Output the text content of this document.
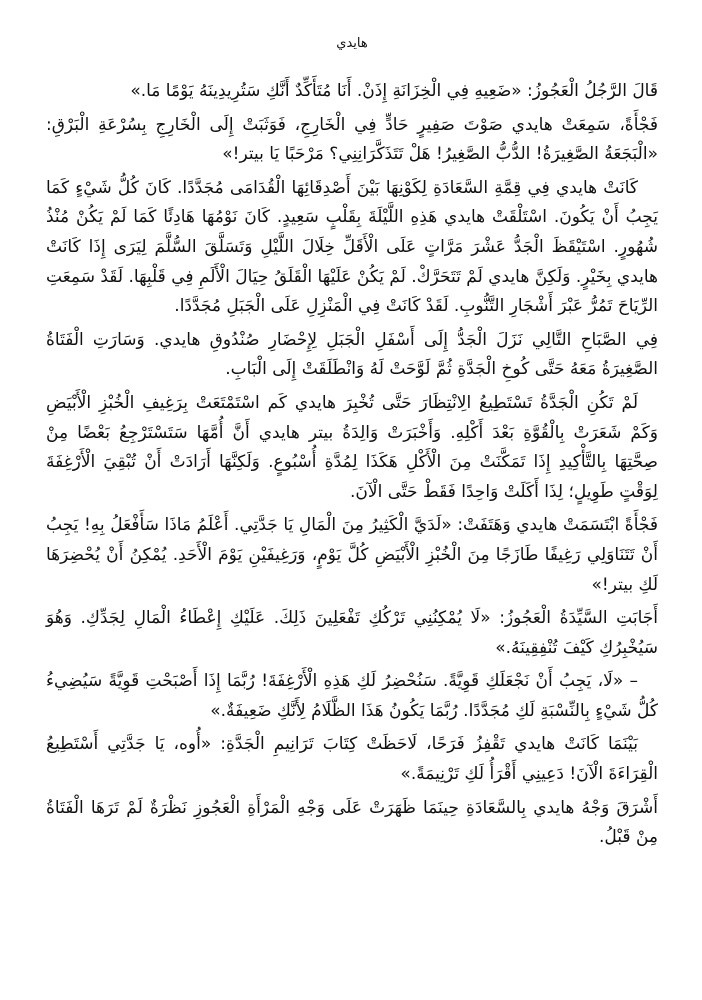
هايدي

قَالَ الرَّجُلُ الْعَجُوزُ: «ضَعِيهِ فِي الْخِزَانَةِ إِذَنْ. أَنَا مُتَأَكِّدٌ أَنَّكِ سَتُرِيدِينَهُ يَوْمًا مَا.»

فَجْأَةً، سَمِعَتْ هايدي صَوْتَ صَفِيرٍ حَادٍّ فِي الْخَارِجِ، فَوَثَبَتْ إِلَى الْخَارِجِ بِسُرْعَةِ الْبَرْقِ: «الْبَجَعَةُ الصَّغِيرَةُ! الدُّبُّ الصَّغِيرُ! هَلْ تَتَذَكَّرَانِنِي؟ مَرْحَبًا يَا بيتر!»

كَانَتْ هايدي فِي قِمَّةِ السَّعَادَةِ لِكَوْنِهَا بَيْنَ أَصْدِقَائِهَا الْقُدَامَى مُجَدَّدًا. كَانَ كُلُّ شَيْءٍ كَمَا يَجِبُ أَنْ يَكُونَ. اسْتَلْقَتْ هايدي هَذِهِ اللَّيْلَةَ بِقَلْبٍ سَعِيدٍ. كَانَ نَوْمُهَا هَادِئًا كَمَا لَمْ يَكُنْ مُنْذُ شُهُورٍ. اسْتَيْقَظَ الْجَدُّ عَشْرَ مَرَّاتٍ عَلَى الْأَقَلِّ خِلَالَ اللَّيْلِ وَتَسَلَّقَ السُّلَّمَ لِيَرَى إِذَا كَانَتْ هايدي بِخَيْرٍ. وَلَكِنَّ هايدي لَمْ تَتَحَرَّكْ. لَمْ يَكُنْ عَلَيْهَا الْقَلَقُ حِيَالَ الْأَلَمِ فِي قَلْبِهَا. لَقَدْ سَمِعَتِ الرِّيَاحَ تَمُرُّ عَبْرَ أَشْجَارِ التَّنُّوبِ. لَقَدْ كَانَتْ فِي الْمَنْزِلِ عَلَى الْجَبَلِ مُجَدَّدًا.

فِي الصَّبَاحِ التَّالِي نَزَلَ الْجَدُّ إِلَى أَسْفَلِ الْجَبَلِ لِإِحْضَارِ صُنْدُوقِ هايدي. وَسَارَتِ الْفَتَاةُ الصَّغِيرَةُ مَعَهُ حَتَّى كُوخِ الْجَدَّةِ ثُمَّ لَوَّحَتْ لَهُ وَانْطَلَقَتْ إِلَى الْبَابِ.

لَمْ تَكُنِ الْجَدَّةُ تَسْتَطِيعُ الِانْتِظَارَ حَتَّى تُخْبِرَ هايدي كَم اسْتَمْتَعَتْ بِرَغِيفِ الْخُبْزِ الْأَبْيَضِ وَكَمْ شَعَرَتْ بِالْقُوَّةِ بَعْدَ أَكْلِهِ. وَأَخْبَرَتْ وَالِدَةُ بيتر هايدي أَنَّ أُمَّهَا سَتَسْتَرْجِعُ بَعْضًا مِنْ صِحَّتِهَا بِالتَّأْكِيدِ إِذَا تَمَكَّنَتْ مِنَ الْأَكْلِ هَكَذَا لِمُدَّةِ أُسْبُوعٍ. وَلَكِنَّهَا أَرَادَتْ أَنْ تُبْقِيَ الْأَرْغِفَةَ لِوَقْتٍ طَوِيلٍ؛ لِذَا أَكَلَتْ وَاحِدًا فَقَطْ حَتَّى الْآنَ.

فَجْأَةً ابْتَسَمَتْ هايدي وَهَتَفَتْ: «لَدَيَّ الْكَثِيرُ مِنَ الْمَالِ يَا جَدَّتِي. أَعْلَمُ مَاذَا سَأَفْعَلُ بِهِ! يَجِبُ أَنْ تَتَنَاوَلِي رَغِيفًا طَازَجًا مِنَ الْخُبْزِ الْأَبْيَضِ كُلَّ يَوْمٍ، وَرَغِيفَيْنِ يَوْمَ الْأَحَدِ. يُمْكِنُ أَنْ يُحْضِرَهَا لَكِ بيتر!»

أَجَابَتِ السَّيِّدَةُ الْعَجُوزُ: «لَا يُمْكِنُنِي تَرْكُكِ تَفْعَلِينَ ذَلِكَ. عَلَيْكِ إِعْطَاءُ الْمَالِ لِجَدِّكِ. وَهُوَ سَيُخْبِرُكِ كَيْفَ تُنْفِقِينَهُ.»

– «لَا، يَجِبُ أَنْ نَجْعَلَكِ قَوِيَّةً. سَنُحْضِرُ لَكِ هَذِهِ الْأَرْغِفَةَ! رُبَّمَا إِذَا أَصْبَحْتِ قَوِيَّةً سَيُضِيءُ كُلُّ شَيْءٍ بِالنِّسْبَةِ لَكِ مُجَدَّدًا. رُبَّمَا يَكُونُ هَذَا الظَّلَامُ لِأَنَّكِ ضَعِيفَةٌ.»

بَيْنَمَا كَانَتْ هايدي تَقْفِزُ فَرَحًا، لَاحَظَتْ كِتَابَ تَرَانِيمِ الْجَدَّةِ: «أُوه، يَا جَدَّتِي أَسْتَطِيعُ الْقِرَاءَةَ الْآنَ! دَعِينِي أَقْرَأُ لَكِ تَرْنِيمَةً.»

أَشْرَقَ وَجْهُ هايدي بِالسَّعَادَةِ حِينَمَا ظَهَرَتْ عَلَى وَجْهِ الْمَرْأَةِ الْعَجُوزِ نَظْرَةٌ لَمْ تَرَهَا الْفَتَاةُ مِنْ قَبْلُ.
